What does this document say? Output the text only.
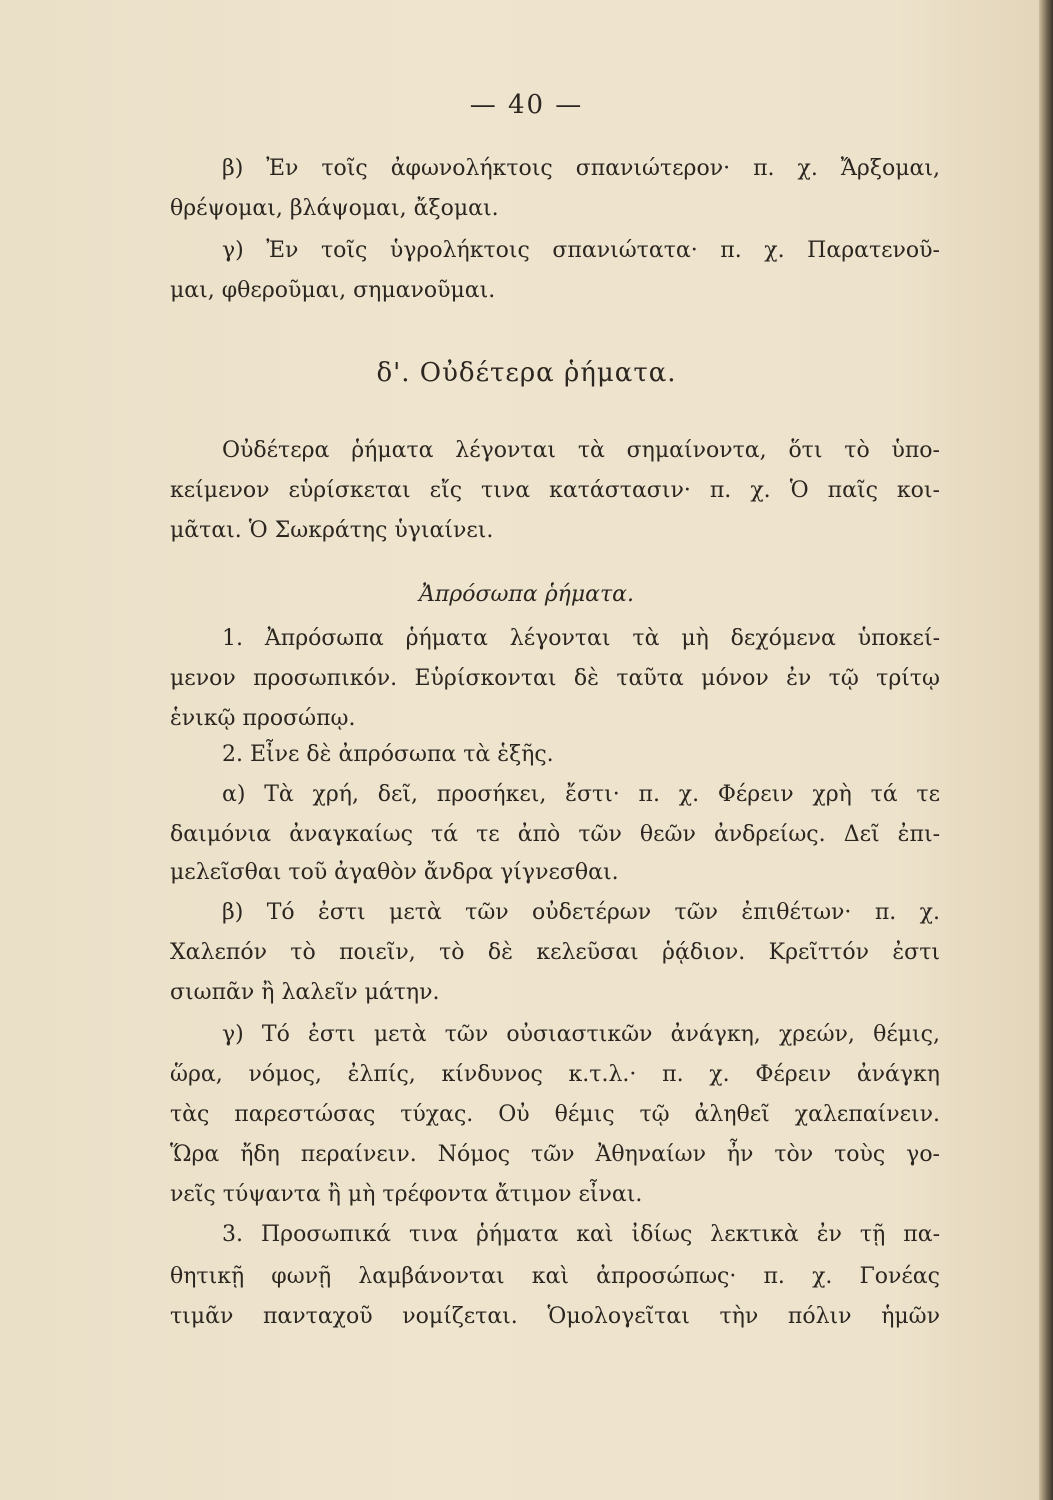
— 40 —
β) Ἐν τοῖς ἀφωνολήκτοις σπανιώτερον· π. χ. Ἄρξομαι,
θρέψομαι, βλάψομαι, ἄξομαι.
γ) Ἐν τοῖς ὑγρολήκτοις σπανιώτατα· π. χ. Παρατενοῦ-
μαι, φθεροῦμαι, σημανοῦμαι.
δ'. Οὐδέτερα ῥήματα.
Οὐδέτερα ῥήματα λέγονται τὰ σημαίνοντα, ὅτι τὸ ὑπο-
κείμενον εὑρίσκεται εἴς τινα κατάστασιν· π. χ. Ὁ παῖς κοι-
μᾶται. Ὁ Σωκράτης ὑγιαίνει.
Ἀπρόσωπα ῥήματα.
1. Ἀπρόσωπα ῥήματα λέγονται τὰ μὴ δεχόμενα ὑποκεί-
μενον προσωπικόν. Εὑρίσκονται δὲ ταῦτα μόνον ἐν τῷ τρίτῳ
ἑνικῷ προσώπῳ.
2. Εἶνε δὲ ἀπρόσωπα τὰ ἑξῆς.
α) Τὰ χρή, δεῖ, προσήκει, ἔστι· π. χ. Φέρειν χρὴ τά τε
δαιμόνια ἀναγκαίως τά τε ἀπὸ τῶν θεῶν ἀνδρείως. Δεῖ ἐπι-
μελεῖσθαι τοῦ ἀγαθὸν ἄνδρα γίγνεσθαι.
β) Τό ἐστι μετὰ τῶν οὐδετέρων τῶν ἐπιθέτων· π. χ.
Χαλεπόν τὸ ποιεῖν, τὸ δὲ κελεῦσαι ῥᾴδιον. Κρεῖττόν ἐστι
σιωπᾶν ἢ λαλεῖν μάτην.
γ) Τό ἐστι μετὰ τῶν οὐσιαστικῶν ἀνάγκη, χρεών, θέμις,
ὥρα, νόμος, ἐλπίς, κίνδυνος κ.τ.λ.· π. χ. Φέρειν ἀνάγκη
τὰς παρεστώσας τύχας. Οὐ θέμις τῷ ἀληθεῖ χαλεπαίνειν.
Ὥρα ἤδη περαίνειν. Νόμος τῶν Ἀθηναίων ἦν τὸν τοὺς γο-
νεῖς τύψαντα ἢ μὴ τρέφοντα ἄτιμον εἶναι.
3. Προσωπικά τινα ῥήματα καὶ ἰδίως λεκτικὰ ἐν τῇ πα-
θητικῇ φωνῇ λαμβάνονται καὶ ἀπροσώπως· π. χ. Γονέας
τιμᾶν πανταχοῦ νομίζεται. Ὁμολογεῖται τὴν πόλιν ἡμῶν
